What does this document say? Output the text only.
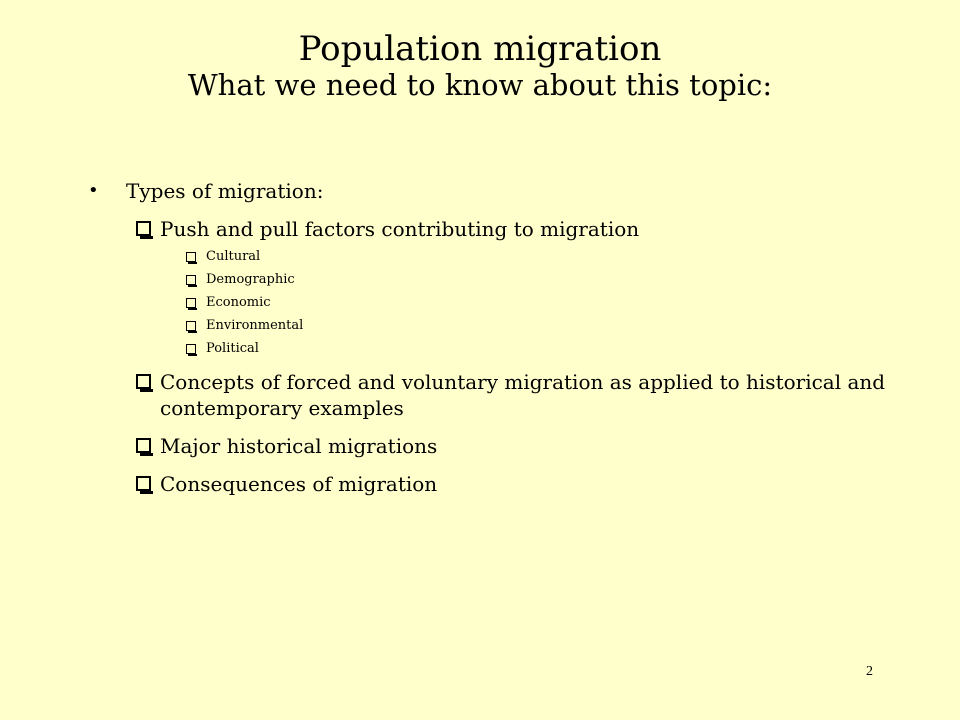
Population migration
What we need to know about this topic:
•	Types of migration:
Push and pull factors contributing to migration
Cultural
Demographic
Economic
Environmental
Political
Concepts of forced and voluntary migration as applied to historical and contemporary examples
Major historical migrations
Consequences of migration
2
